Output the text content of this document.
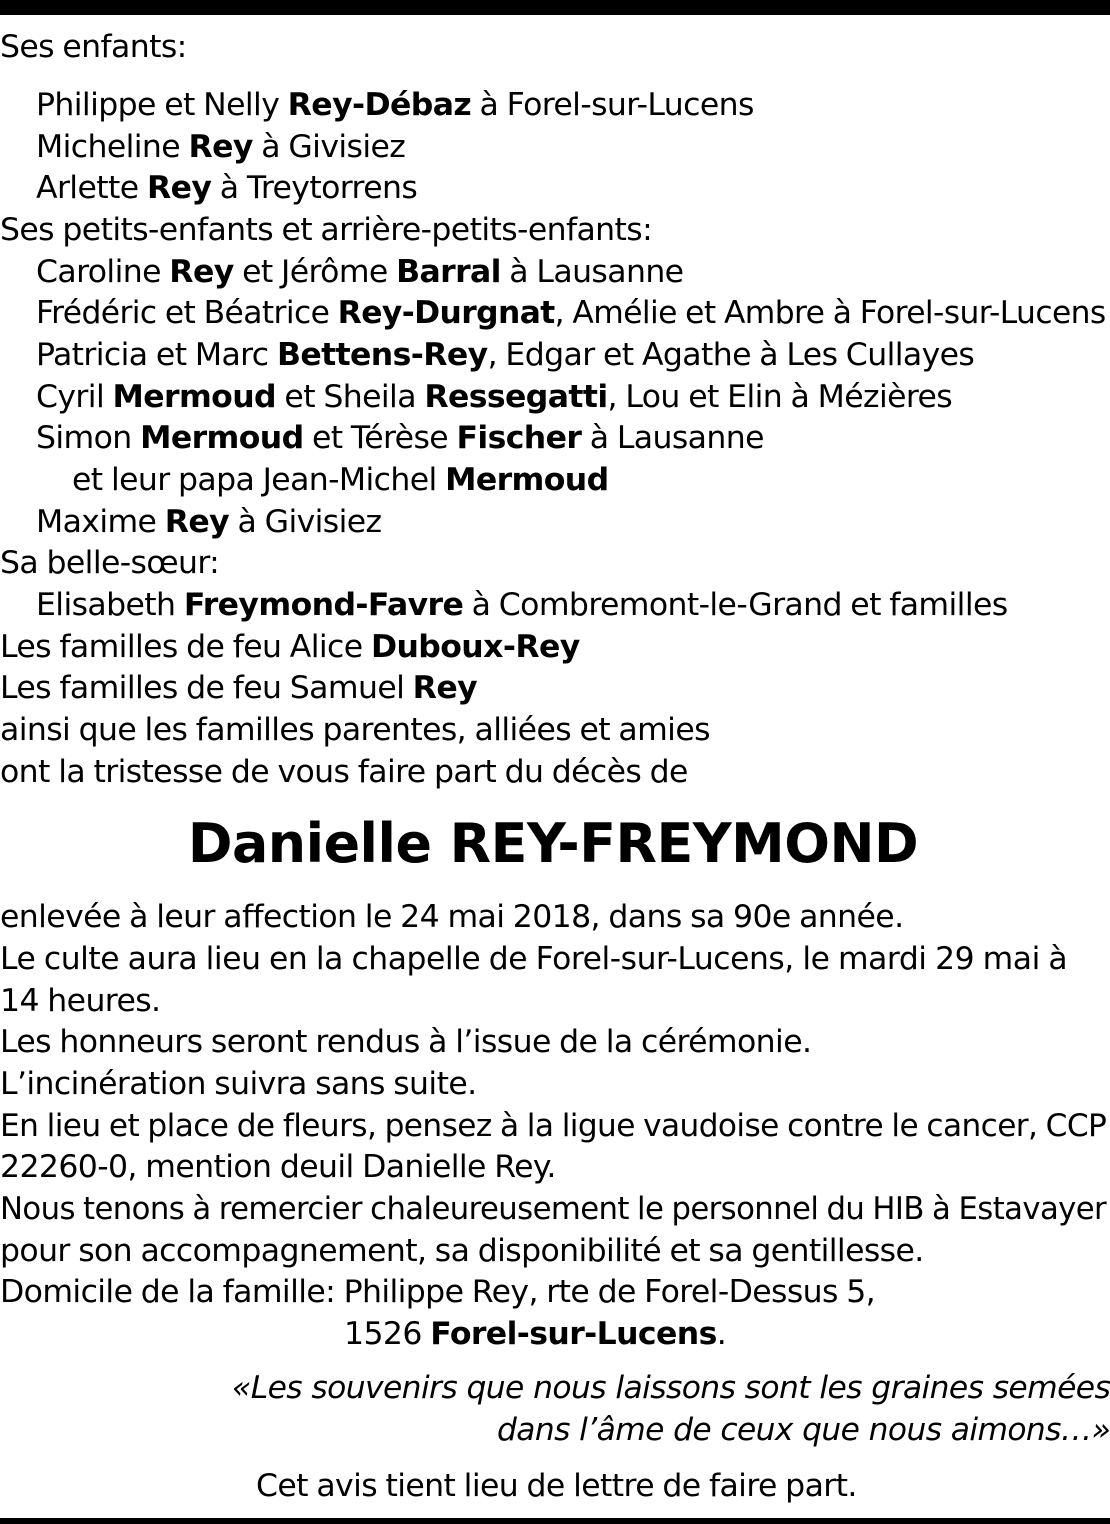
Ses enfants:
Philippe et Nelly Rey-Débaz à Forel-sur-Lucens
Micheline Rey à Givisiez
Arlette Rey à Treytorrens
Ses petits-enfants et arrière-petits-enfants:
Caroline Rey et Jérôme Barral à Lausanne
Frédéric et Béatrice Rey-Durgnat, Amélie et Ambre à Forel-sur-Lucens
Patricia et Marc Bettens-Rey, Edgar et Agathe à Les Cullayes
Cyril Mermoud et Sheila Ressegatti, Lou et Elin à Mézières
Simon Mermoud et Térèse Fischer à Lausanne
et leur papa Jean-Michel Mermoud
Maxime Rey à Givisiez
Sa belle-sœur:
Elisabeth Freymond-Favre à Combremont-le-Grand et familles
Les familles de feu Alice Duboux-Rey
Les familles de feu Samuel Rey
ainsi que les familles parentes, alliées et amies
ont la tristesse de vous faire part du décès de
Danielle REY-FREYMOND
enlevée à leur affection le 24 mai 2018, dans sa 90e année.
Le culte aura lieu en la chapelle de Forel-sur-Lucens, le mardi 29 mai à
14 heures.
Les honneurs seront rendus à l’issue de la cérémonie.
L’incinération suivra sans suite.
En lieu et place de fleurs, pensez à la ligue vaudoise contre le cancer, CCP
22260-0, mention deuil Danielle Rey.
Nous tenons à remercier chaleureusement le personnel du HIB à Estavayer
pour son accompagnement, sa disponibilité et sa gentillesse.
Domicile de la famille: Philippe Rey, rte de Forel-Dessus 5,
1526 Forel-sur-Lucens.
«Les souvenirs que nous laissons sont les graines semées
dans l’âme de ceux que nous aimons…»
Cet avis tient lieu de lettre de faire part.
